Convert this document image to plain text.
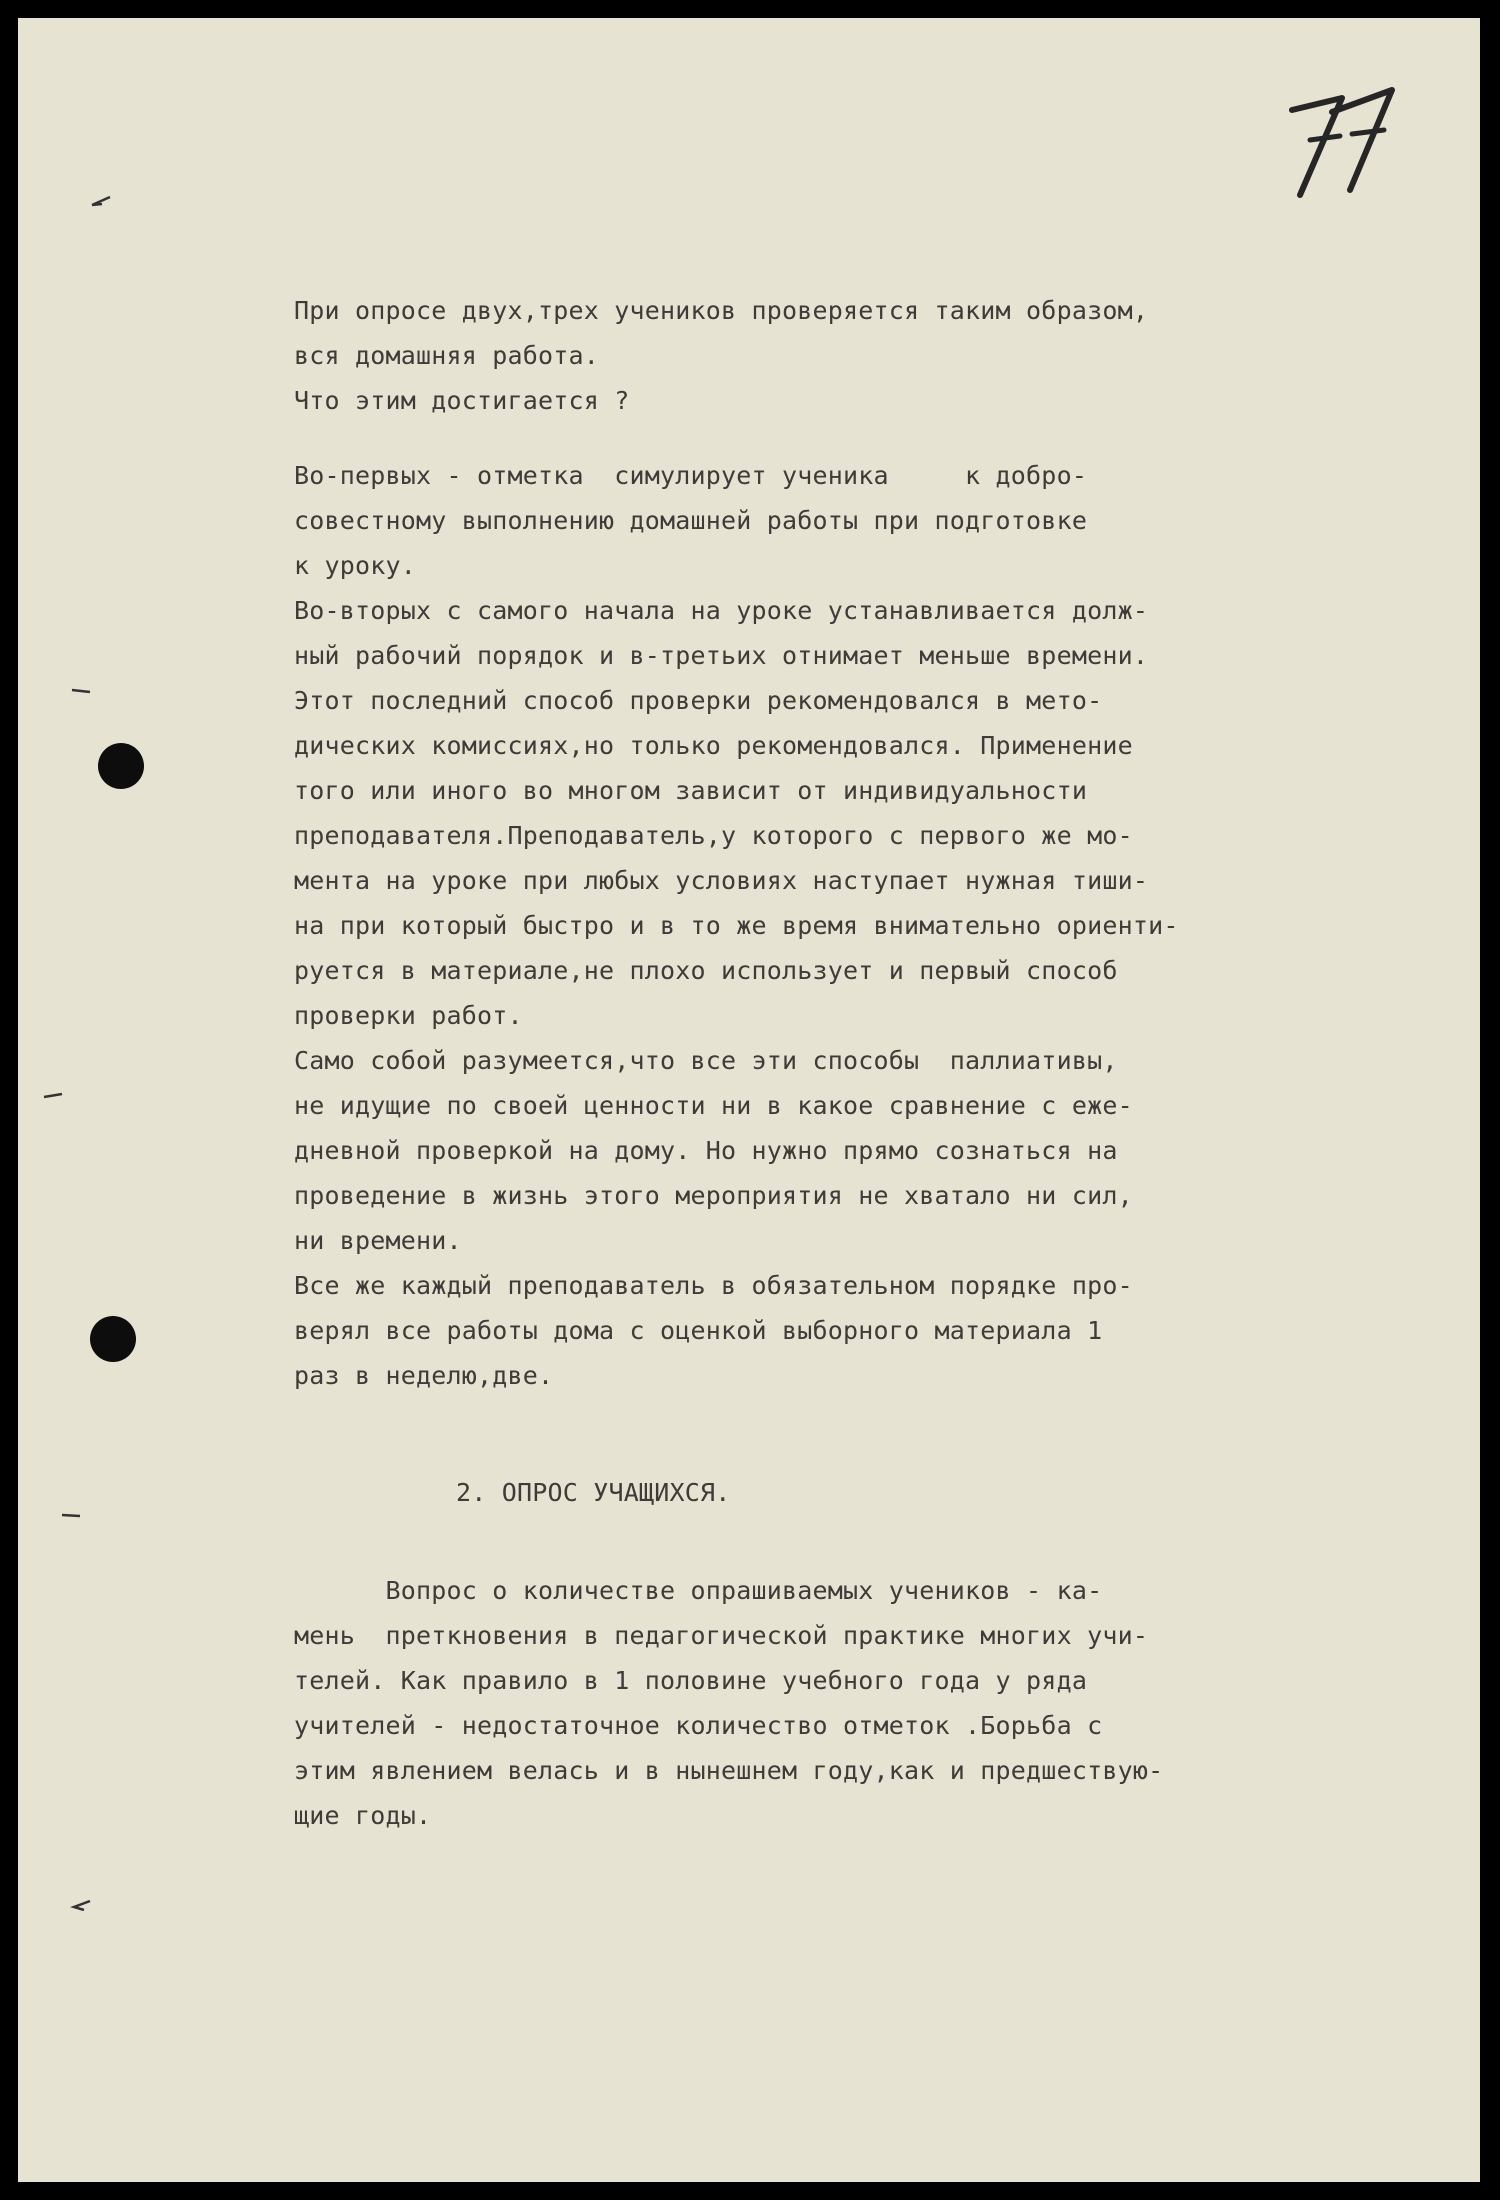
При опросе двух,трех учеников проверяется таким образом,
вся домашняя работа.
Что этим достигается ?
Во-первых - отметка  симулирует ученика     к добро-
совестному выполнению домашней работы при подготовке
к уроку.
Во-вторых с самого начала на уроке устанавливается долж-
ный рабочий порядок и в-третьих отнимает меньше времени.
Этот последний способ проверки рекомендовался в мето-
дических комиссиях,но только рекомендовался. Применение
того или иного во многом зависит от индивидуальности
преподавателя.Преподаватель,у которого с первого же мо-
мента на уроке при любых условиях наступает нужная тиши-
на при который быстро и в то же время внимательно ориенти-
руется в материале,не плохо использует и первый способ
проверки работ.
Само собой разумеется,что все эти способы  паллиативы,
не идущие по своей ценности ни в какое сравнение с еже-
дневной проверкой на дому. Но нужно прямо сознаться на
проведение в жизнь этого мероприятия не хватало ни сил,
ни времени.
Все же каждый преподаватель в обязательном порядке про-
верял все работы дома с оценкой выборного материала 1
раз в неделю,две.
2. ОПРОС УЧАЩИХСЯ.
Вопрос о количестве опрашиваемых учеников - ка-
мень  преткновения в педагогической практике многих учи-
телей. Как правило в 1 половине учебного года у ряда
учителей - недостаточное количество отметок .Борьба с
этим явлением велась и в нынешнем году,как и предшествую-
щие годы.
